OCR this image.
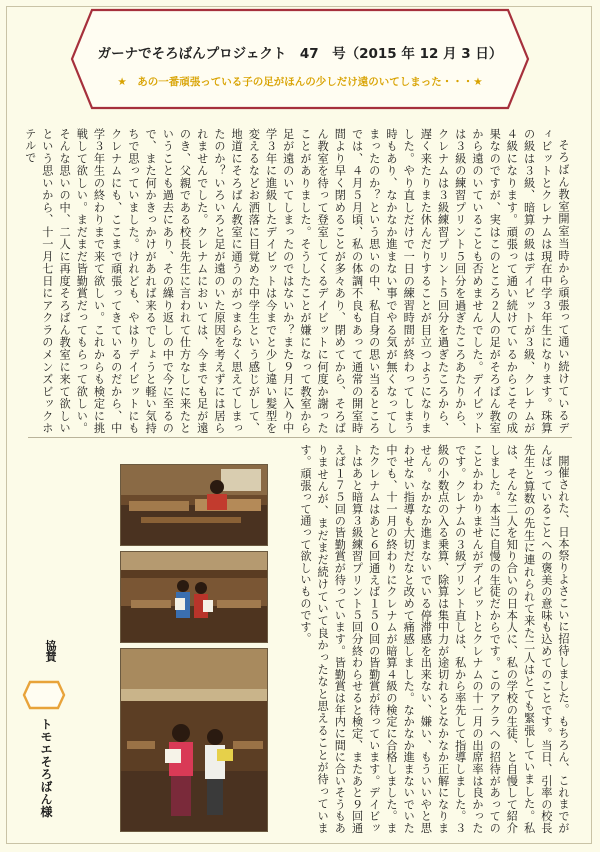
ガーナでそろばんプロジェクト　47　号（2015 年 12 月 3 日）
★　あの一番頑張っている子の足がほんの少しだけ遠のいてしまった・・・★

そろばん教室開室当時から頑張って通い続けているディビットとクレナムは現在中学３年生になります。珠算の級は３級、暗算の級はデイビットが３級、クレナムが４級になります。頑張って通い続けているからこその成果なのですが、実はこのところ２人の足がそろばん教室から遠のいていることも否めませんでした。デイビットは３級の練習プリント５回分を過ぎたころあたりから、クレナムは３級練習プリント５回分を過ぎたころから、遅く来たりまた休んだりすることが目立つようになりました。やり直しだけで一日の練習時間が終わってしまう時もあり、なかなか進まない事でやる気が無くなってしまったのか？という思いの中、私自身の思い当るところでは、４月５月頃、私の体調不良もあって通常の開室時間より早く閉めることが多々あり、閉めてから、そろばん教室を待って登室してくるデイビットに何度か謝ったことがありました。そうしたことが嫌になって教室から足が遠のいてしまったのではないか？また９月に入り中学３年に進級したデイビットは今までと少し違い髪型を変えるなどお洒落に目覚めた中学生という感じがして、地道にそろばん教室に通うのがつまらなく思えてしまったのか？いろいろと足が遠のいた原因を考えずには居られませんでした。クレナムにおいては、今までも足が遠のき、父親である校長先生に言われて仕方なしに来たということも過去にあり、その繰り返しの中で今に至るので、また何かきっかけがあれば来るでしょうと軽い気持ちで思っていました。けれども、やはりデイビットにもクレナムにも、ここまで頑張ってきているのだから、中学３年生の終わりまで来て欲しい。これからも検定に挑戦して欲しい。まだまだ皆勤賞だってもらって欲しい。そんな思いの中、二人に再度そろばん教室に来て欲しいという思いから、十一月七日にアクラのメンズビックホテルで

開催された、日本祭りよさこいに招待しました。もちろん、これまでがんばっていることへの褒美の意味も込めてのことです。当日、引率の校長先生と算数の先生に連れられて来た二人はとても緊張していました。私は、そんな二人を知り合いの日本人に、私の学校の生徒、と自慢して紹介しました。本当に自慢の生徒だからです。このアクラへの招待があってのことかわかりませんがデイビットとクレナムの十一月の出席率は良かったです。クレナムの３級プリント直しは、私から率先して指導しました。３級の小数点の入る乗算、除算は集中力が途切れるとなかなか正解になりません。なかなか進まないでいる停滞感を出来ない、嫌い、もういいやと思わせない指導も大切だなと改めて痛感しました。なかなか進まないでいた中でも、十一月の終わりにクレナムが暗算４級の検定に合格しました。またクレナムはあと６回通えば１５０回の皆勤賞が待っています。デイビットはあと暗算３級練習プリント５回分終わらせると検定、またあと９回通えば１７５回の皆勤賞が待っています。皆勤賞は年内に間に合いそうもありませんが、まだまだ続けていて良かったなと思えることが待っています。頑張って通って欲しいものです。

協賛
トモエそろばん様
